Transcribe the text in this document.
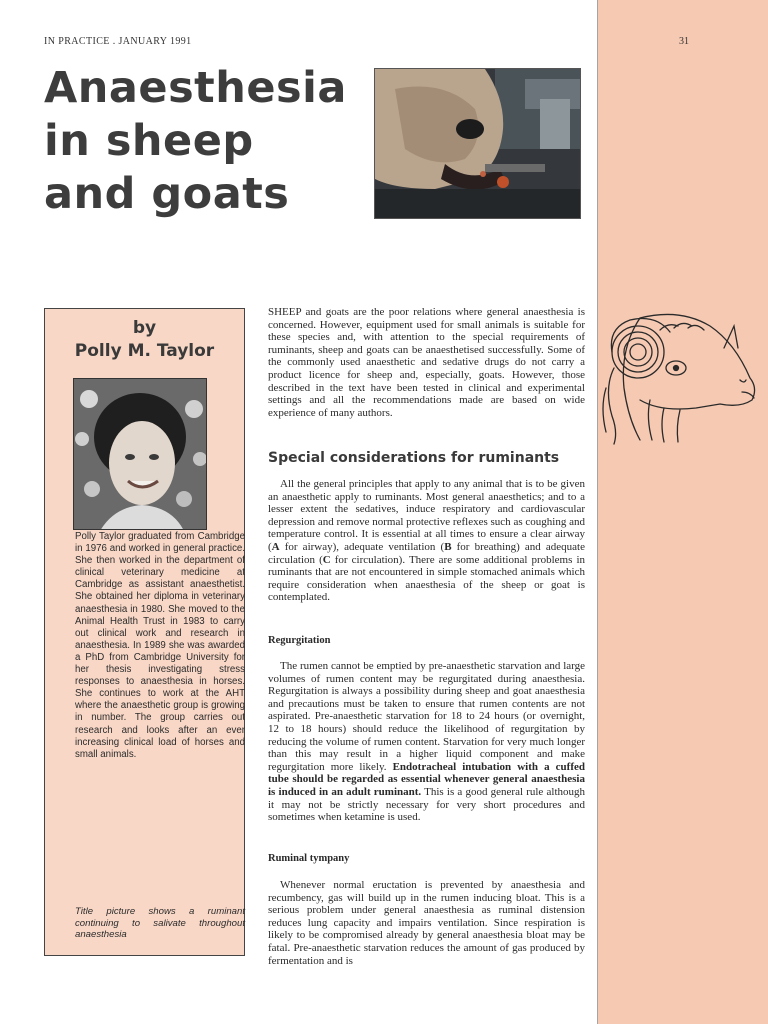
IN PRACTICE . JANUARY 1991	31
Anaesthesia
in sheep
and goats
by
Polly M. Taylor

Polly Taylor graduated from Cambridge in 1976 and worked in general practice. She then worked in the department of clinical veterinary medicine at Cambridge as assistant anaesthetist. She obtained her diploma in veterinary anaesthesia in 1980. She moved to the Animal Health Trust in 1983 to carry out clinical work and research in anaesthesia. In 1989 she was awarded a PhD from Cambridge University for her thesis investigating stress responses to anaesthesia in horses. She continues to work at the AHT where the anaesthetic group is growing in number. The group carries out research and looks after an ever increasing clinical load of horses and small animals.

Title picture shows a ruminant continuing to salivate throughout anaesthesia

SHEEP and goats are the poor relations where general anaesthesia is concerned. However, equipment used for small animals is suitable for these species and, with attention to the special requirements of ruminants, sheep and goats can be anaesthetised successfully. Some of the commonly used anaesthetic and sedative drugs do not carry a product licence for sheep and, especially, goats. However, those described in the text have been tested in clinical and experimental settings and all the recommendations made are based on wide experience of many authors.

Special considerations for ruminants

All the general principles that apply to any animal that is to be given an anaesthetic apply to ruminants. Most general anaesthetics; and to a lesser extent the sedatives, induce respiratory and cardiovascular depression and remove normal protective reflexes such as coughing and temperature control. It is essential at all times to ensure a clear airway (A for airway), adequate ventilation (B for breathing) and adequate circulation (C for circulation). There are some additional problems in ruminants that are not encountered in simple stomached animals which require consideration when anaesthesia of the sheep or goat is contemplated.

Regurgitation

The rumen cannot be emptied by pre-anaesthetic starvation and large volumes of rumen content may be regurgitated during anaesthesia. Regurgitation is always a possibility during sheep and goat anaesthesia and precautions must be taken to ensure that rumen contents are not aspirated. Pre-anaesthetic starvation for 18 to 24 hours (or overnight, 12 to 18 hours) should reduce the likelihood of regurgitation by reducing the volume of rumen content. Starvation for very much longer than this may result in a higher liquid component and make regurgitation more likely. Endotracheal intubation with a cuffed tube should be regarded as essential whenever general anaesthesia is induced in an adult ruminant. This is a good general rule although it may not be strictly necessary for very short procedures and sometimes when ketamine is used.

Ruminal tympany

Whenever normal eructation is prevented by anaesthesia and recumbency, gas will build up in the rumen inducing bloat. This is a serious problem under general anaesthesia as ruminal distension reduces lung capacity and impairs ventilation. Since respiration is likely to be compromised already by general anaesthesia bloat may be fatal. Pre-anaesthetic starvation reduces the amount of gas produced by fermentation and is
